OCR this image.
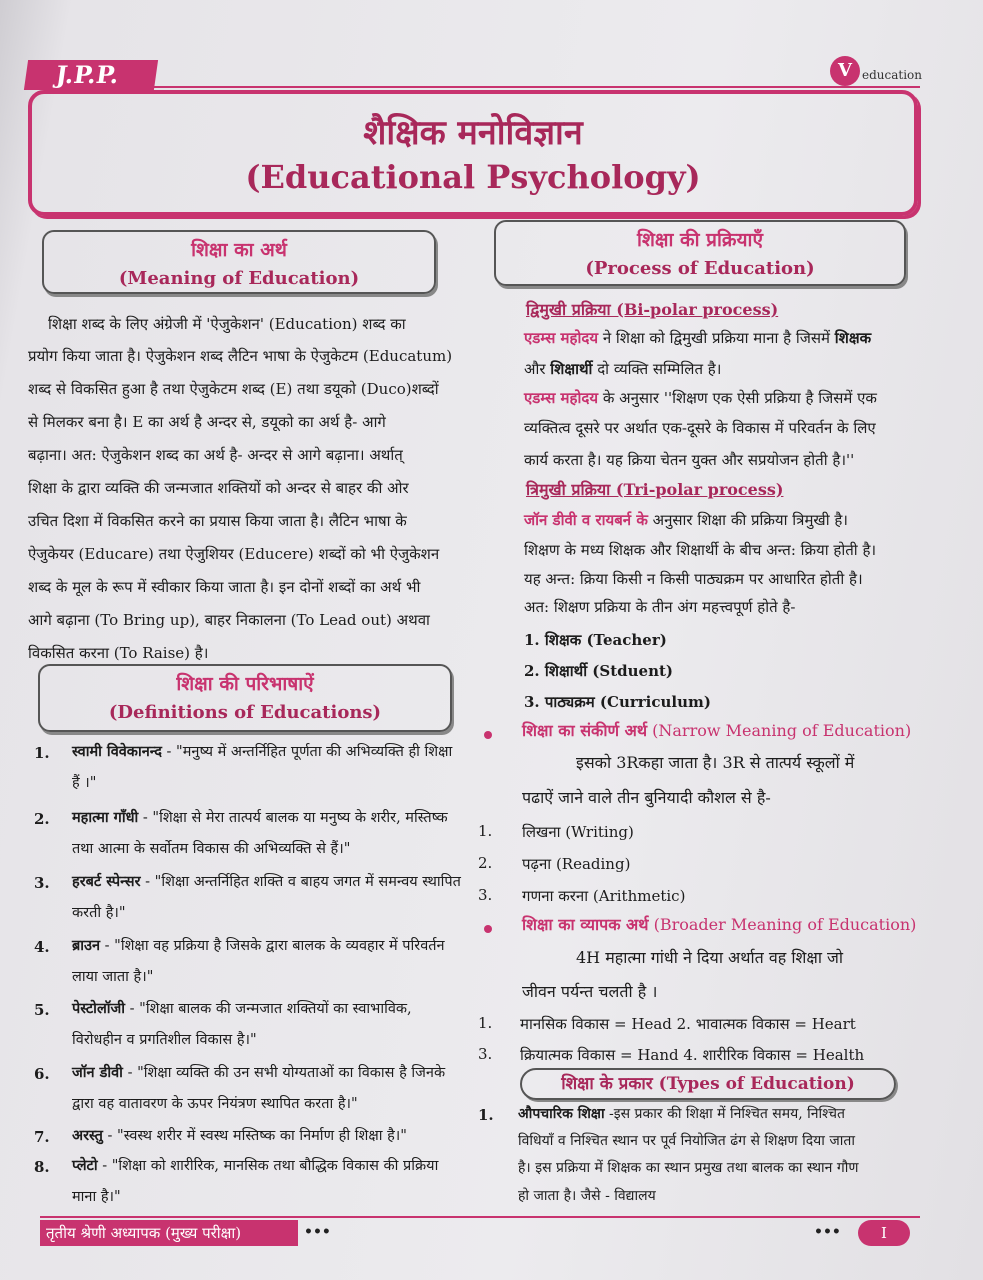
J.P.P.	V education
शैक्षिक मनोविज्ञान
(Educational Psychology)
शिक्षा का अर्थ
(Meaning of Education)
शिक्षा शब्द के लिए अंग्रेजी में 'ऐजुकेशन' (Education) शब्द का
प्रयोग किया जाता है। ऐजुकेशन शब्द लैटिन भाषा के ऐजुकेटम (Educatum)
शब्द से विकसित हुआ है तथा ऐजुकेटम शब्द (E) तथा डयूको (Duco)शब्दों
से मिलकर बना है। E का अर्थ है अन्दर से, डयूको का अर्थ है- आगे
बढ़ाना। अत: ऐजुकेशन शब्द का अर्थ है- अन्दर से आगे बढ़ाना। अर्थात्
शिक्षा के द्वारा व्यक्ति की जन्मजात शक्तियों को अन्दर से बाहर की ओर
उचित दिशा में विकसित करने का प्रयास किया जाता है। लैटिन भाषा के
ऐजुकेयर (Educare) तथा ऐजुशियर (Educere) शब्दों को भी ऐजुकेशन
शब्द के मूल के रूप में स्वीकार किया जाता है। इन दोनों शब्दों का अर्थ भी
आगे बढ़ाना (To Bring up), बाहर निकालना (To Lead out) अथवा
विकसित करना (To Raise) है।
शिक्षा की परिभाषाऐं
(Definitions of Educations)
1. स्वामी विवेकानन्द - "मनुष्य में अन्तर्निहित पूर्णता की अभिव्यक्ति ही शिक्षा हैं ।"
2. महात्मा गाँधी - "शिक्षा से मेरा तात्पर्य बालक या मनुष्य के शरीर, मस्तिष्क तथा आत्मा के सर्वोतम विकास की अभिव्यक्ति से हैं।"
3. हरबर्ट स्पेन्सर - "शिक्षा अन्तर्निहित शक्ति व बाहय जगत में समन्वय स्थापित करती है।"
4. ब्राउन - "शिक्षा वह प्रक्रिया है जिसके द्वारा बालक के व्यवहार में परिवर्तन लाया जाता है।"
5. पेस्टोलॉजी - "शिक्षा बालक की जन्मजात शक्तियों का स्वाभाविक, विरोधहीन व प्रगतिशील विकास है।"
6. जॉन डीवी - "शिक्षा व्यक्ति की उन सभी योग्यताओं का विकास है जिनके द्वारा वह वातावरण के ऊपर नियंत्रण स्थापित करता है।"
7. अरस्तु - "स्वस्थ शरीर में स्वस्थ मस्तिष्क का निर्माण ही शिक्षा है।"
8. प्लेटो - "शिक्षा को शारीरिक, मानसिक तथा बौद्धिक विकास की प्रक्रिया माना है।"
शिक्षा की प्रक्रियाएँ
(Process of Education)
द्विमुखी प्रक्रिया (Bi-polar process)
एडम्स महोदय ने शिक्षा को द्विमुखी प्रक्रिया माना है जिसमें शिक्षक
और शिक्षार्थी दो व्यक्ति सम्मिलित है।
एडम्स महोदय के अनुसार ''शिक्षण एक ऐसी प्रक्रिया है जिसमें एक
व्यक्तित्व दूसरे पर अर्थात एक-दूसरे के विकास में परिवर्तन के लिए
कार्य करता है। यह क्रिया चेतन युक्त और सप्रयोजन होती है।''
त्रिमुखी प्रक्रिया (Tri-polar process)
जॉन डीवी व रायबर्न के अनुसार शिक्षा की प्रक्रिया त्रिमुखी है।
शिक्षण के मध्य शिक्षक और शिक्षार्थी के बीच अन्त: क्रिया होती है।
यह अन्त: क्रिया किसी न किसी पाठ्यक्रम पर आधारित होती है।
अत: शिक्षण प्रक्रिया के तीन अंग महत्त्वपूर्ण होते है-
1. शिक्षक (Teacher)
2. शिक्षार्थी (Stduent)
3. पाठ्यक्रम (Curriculum)
शिक्षा का संकीर्ण अर्थ (Narrow Meaning of Education)
इसको 3Rकहा जाता है। 3R से तात्पर्य स्कूलों में
पढाऐं जाने वाले तीन बुनियादी कौशल से है-
1. लिखना (Writing)
2. पढ़ना (Reading)
3. गणना करना (Arithmetic)
शिक्षा का व्यापक अर्थ (Broader Meaning of Education)
4H महात्मा गांधी ने दिया अर्थात वह शिक्षा जो
जीवन पर्यन्त चलती है ।
1. मानसिक विकास = Head 2. भावात्मक विकास = Heart
3. क्रियात्मक विकास = Hand 4. शारीरिक विकास = Health
शिक्षा के प्रकार (Types of Education)
1. औपचारिक शिक्षा -इस प्रकार की शिक्षा में निश्चित समय, निश्चित
विधियाँ व निश्चित स्थान पर पूर्व नियोजित ढंग से शिक्षण दिया जाता
है। इस प्रक्रिया में शिक्षक का स्थान प्रमुख तथा बालक का स्थान गौण
हो जाता है। जैसे - विद्यालय
तृतीय श्रेणी अध्यापक (मुख्य परीक्षा)	•••	•••	I
